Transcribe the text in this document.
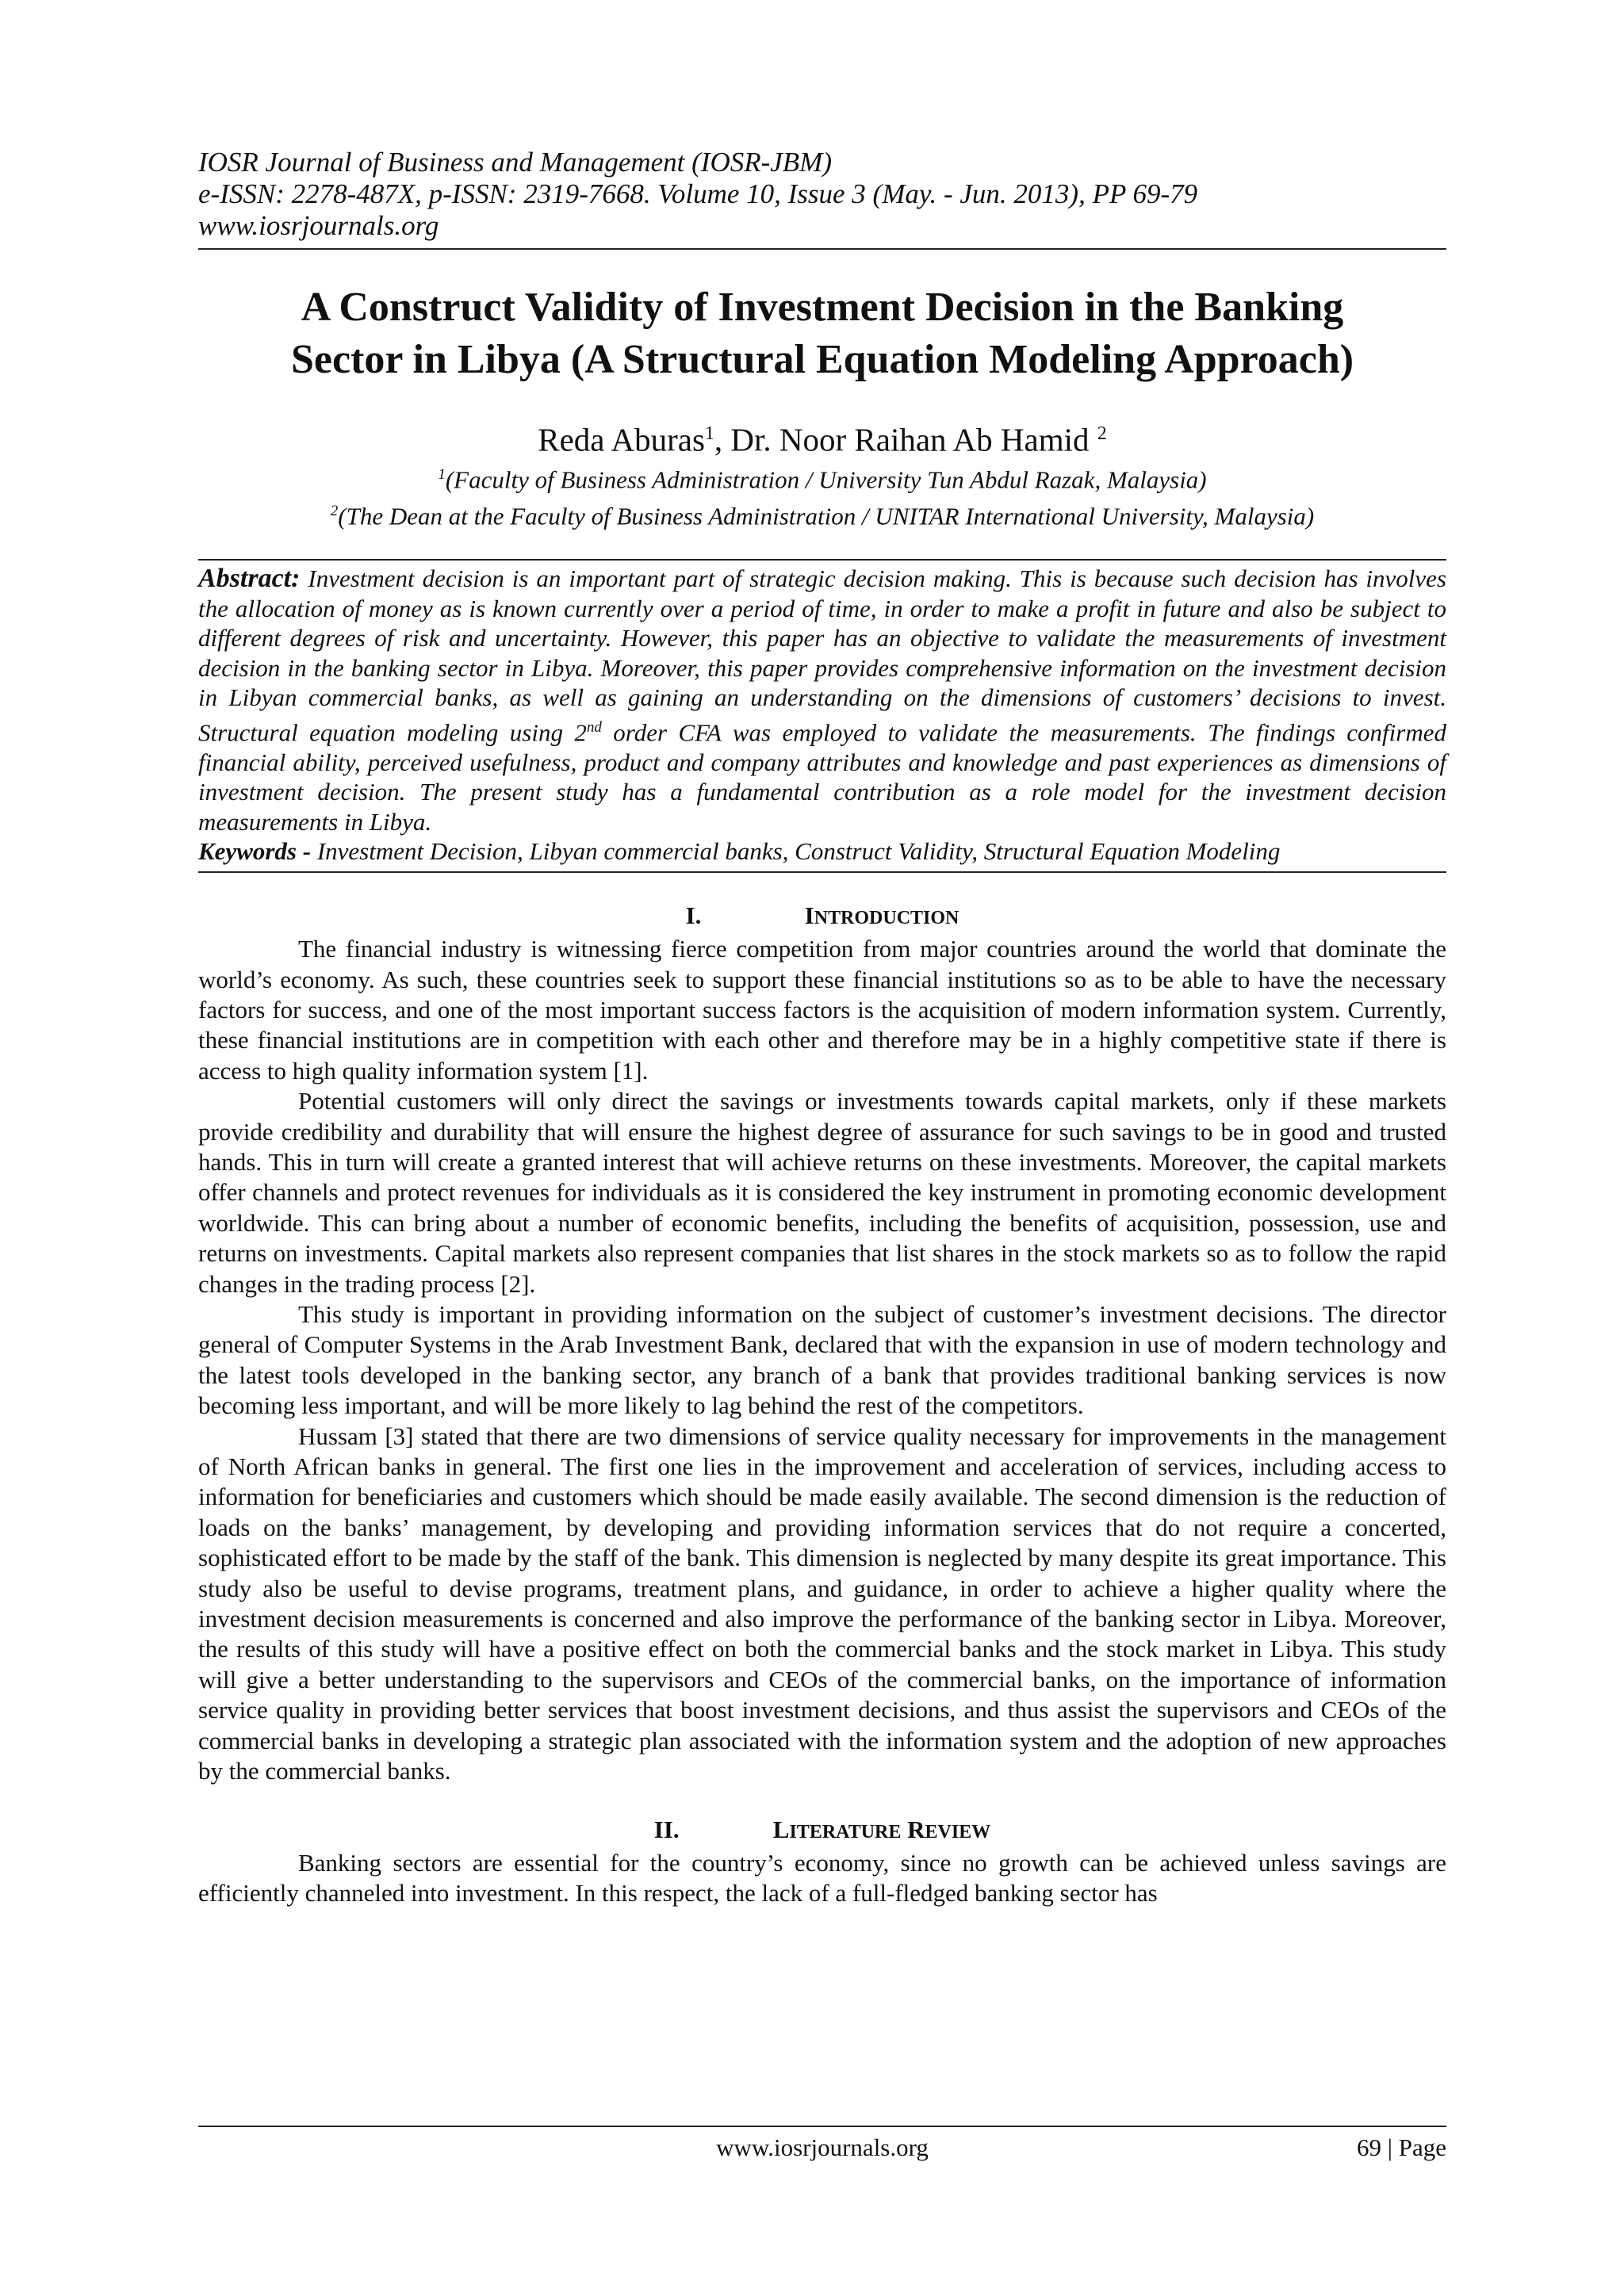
IOSR Journal of Business and Management (IOSR-JBM)
e-ISSN: 2278-487X, p-ISSN: 2319-7668. Volume 10, Issue 3 (May. - Jun. 2013), PP 69-79
www.iosrjournals.org
A Construct Validity of Investment Decision in the Banking
Sector in Libya (A Structural Equation Modeling Approach)
Reda Aburas$^1$, Dr. Noor Raihan Ab Hamid $^2$
$^1$(Faculty of Business Administration / University Tun Abdul Razak, Malaysia)
$^2$(The Dean at the Faculty of Business Administration / UNITAR International University, Malaysia)
Abstract: Investment decision is an important part of strategic decision making. This is because such decision has involves the allocation of money as is known currently over a period of time, in order to make a profit in future and also be subject to different degrees of risk and uncertainty. However, this paper has an objective to validate the measurements of investment decision in the banking sector in Libya. Moreover, this paper provides comprehensive information on the investment decision in Libyan commercial banks, as well as gaining an understanding on the dimensions of customers’ decisions to invest. Structural equation modeling using 2nd order CFA was employed to validate the measurements. The findings confirmed financial ability, perceived usefulness, product and company attributes and knowledge and past experiences as dimensions of investment decision. The present study has a fundamental contribution as a role model for the investment decision measurements in Libya.
Keywords - Investment Decision, Libyan commercial banks, Construct Validity, Structural Equation Modeling
I.	INTRODUCTION

The financial industry is witnessing fierce competition from major countries around the world that dominate the world’s economy. As such, these countries seek to support these financial institutions so as to be able to have the necessary factors for success, and one of the most important success factors is the acquisition of modern information system. Currently, these financial institutions are in competition with each other and therefore may be in a highly competitive state if there is access to high quality information system [1].

Potential customers will only direct the savings or investments towards capital markets, only if these markets provide credibility and durability that will ensure the highest degree of assurance for such savings to be in good and trusted hands. This in turn will create a granted interest that will achieve returns on these investments. Moreover, the capital markets offer channels and protect revenues for individuals as it is considered the key instrument in promoting economic development worldwide. This can bring about a number of economic benefits, including the benefits of acquisition, possession, use and returns on investments. Capital markets also represent companies that list shares in the stock markets so as to follow the rapid changes in the trading process [2].

This study is important in providing information on the subject of customer’s investment decisions. The director general of Computer Systems in the Arab Investment Bank, declared that with the expansion in use of modern technology and the latest tools developed in the banking sector, any branch of a bank that provides traditional banking services is now becoming less important, and will be more likely to lag behind the rest of the competitors.

Hussam [3] stated that there are two dimensions of service quality necessary for improvements in the management of North African banks in general. The first one lies in the improvement and acceleration of services, including access to information for beneficiaries and customers which should be made easily available. The second dimension is the reduction of loads on the banks’ management, by developing and providing information services that do not require a concerted, sophisticated effort to be made by the staff of the bank. This dimension is neglected by many despite its great importance. This study also be useful to devise programs, treatment plans, and guidance, in order to achieve a higher quality where the investment decision measurements is concerned and also improve the performance of the banking sector in Libya. Moreover, the results of this study will have a positive effect on both the commercial banks and the stock market in Libya. This study will give a better understanding to the supervisors and CEOs of the commercial banks, on the importance of information service quality in providing better services that boost investment decisions, and thus assist the supervisors and CEOs of the commercial banks in developing a strategic plan associated with the information system and the adoption of new approaches by the commercial banks.

II.	LITERATURE REVIEW

Banking sectors are essential for the country’s economy, since no growth can be achieved unless savings are efficiently channeled into investment. In this respect, the lack of a full-fledged banking sector has

www.iosrjournals.org	69 | Page
